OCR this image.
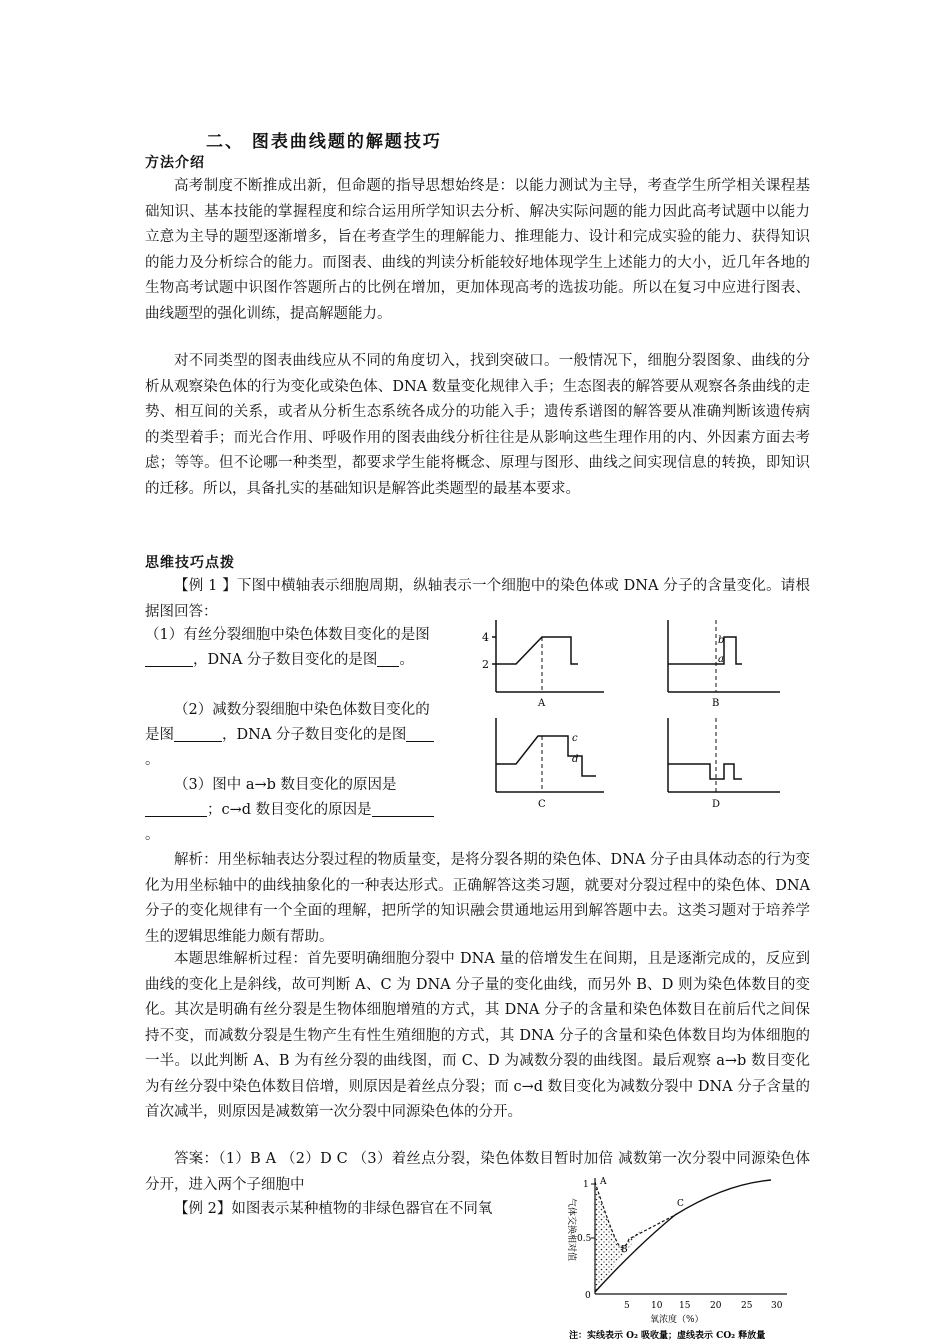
二、 图表曲线题的解题技巧
方法介绍

高考制度不断推成出新，但命题的指导思想始终是：以能力测试为主导，考查学生所学相关课程基础知识、基本技能的掌握程度和综合运用所学知识去分析、解决实际问题的能力因此高考试题中以能力立意为主导的题型逐渐增多，旨在考查学生的理解能力、推理能力、设计和完成实验的能力、获得知识的能力及分析综合的能力。而图表、曲线的判读分析能较好地体现学生上述能力的大小，近几年各地的生物高考试题中识图作答题所占的比例在增加，更加体现高考的选拔功能。所以在复习中应进行图表、曲线题型的强化训练，提高解题能力。

对不同类型的图表曲线应从不同的角度切入，找到突破口。一般情况下，细胞分裂图象、曲线的分析从观察染色体的行为变化或染色体、DNA 数量变化规律入手；生态图表的解答要从观察各条曲线的走势、相互间的关系，或者从分析生态系统各成分的功能入手；遗传系谱图的解答要从准确判断该遗传病的类型着手；而光合作用、呼吸作用的图表曲线分析往往是从影响这些生理作用的内、外因素方面去考虑；等等。但不论哪一种类型，都要求学生能将概念、原理与图形、曲线之间实现信息的转换，即知识的迁移。所以，具备扎实的基础知识是解答此类题型的最基本要求。

思维技巧点拨

【例 1 】下图中横轴表示细胞周期，纵轴表示一个细胞中的染色体或 DNA 分子的含量变化。请根据图回答：

（1）有丝分裂细胞中染色体数目变化的是图，DNA 分子数目变化的是图 。

（2）减数分裂细胞中染色体数目变化的是图	，DNA 分子数目变化的是图。

（3）图中 a→b 数目变化的原因是；c→d 数目变化的原因是。

4
2
A	B
a
b
C
c
d
D

解析：用坐标轴表达分裂过程的物质量变，是将分裂各期的染色体、DNA 分子由具体动态的行为变化为用坐标轴中的曲线抽象化的一种表达形式。正确解答这类习题，就要对分裂过程中的染色体、DNA 分子的变化规律有一个全面的理解，把所学的知识融会贯通地运用到解答题中去。这类习题对于培养学生的逻辑思维能力颇有帮助。

本题思维解析过程：首先要明确细胞分裂中 DNA 量的倍增发生在间期，且是逐渐完成的，反应到曲线的变化上是斜线，故可判断 A、C 为 DNA 分子量的变化曲线，而另外 B、D 则为染色体数目的变化。其次是明确有丝分裂是生物体细胞增殖的方式，其 DNA 分子的含量和染色体数目在前后代之间保持不变，而减数分裂是生物产生有性生殖细胞的方式，其 DNA 分子的含量和染色体数目均为体细胞的一半。以此判断 A、B 为有丝分裂的曲线图，而 C、D 为减数分裂的曲线图。最后观察 a→b 数目变化为有丝分裂中染色体数目倍增，则原因是着丝点分裂；而 c→d 数目变化为减数分裂中 DNA 分子含量的首次减半，则原因是减数第一次分裂中同源染色体的分开。

答案：（1）B A （2）D C （3）着丝点分裂，染色体数目暂时加倍 减数第一次分裂中同源染色体分开，进入两个子细胞中

【例 2】如图表示某种植物的非绿色器官在不同氧	气体交换相对值
1
0.5
0
A
B
C
5 10 15 20 25 30
氧浓度（%）
注：实线表示 O₂ 吸收量；虚线表示 CO₂ 释放量
